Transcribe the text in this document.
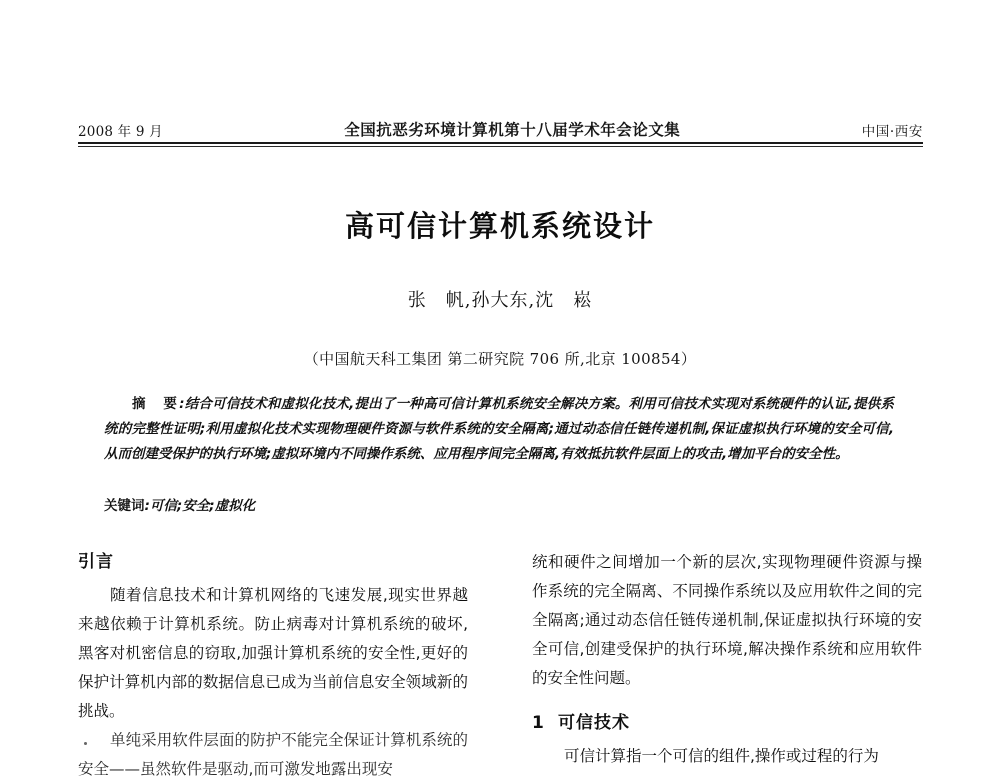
2008 年 9 月	全国抗恶劣环境计算机第十八届学术年会论文集	中国·西安
高可信计算机系统设计
张　帆,孙大东,沈　崧
（中国航天科工集团 第二研究院 706 所,北京 100854）

摘　要:结合可信技术和虚拟化技术,提出了一种高可信计算机系统安全解决方案。利用可信技术实现对系统硬件的认证,提供系统的完整性证明;利用虚拟化技术实现物理硬件资源与软件系统的安全隔离;通过动态信任链传递机制,保证虚拟执行环境的安全可信,从而创建受保护的执行环境;虚拟环境内不同操作系统、应用程序间完全隔离,有效抵抗软件层面上的攻击,增加平台的安全性。

关键词:可信;安全;虚拟化
引言

随着信息技术和计算机网络的飞速发展,现实世界越来越依赖于计算机系统。防止病毒对计算机系统的破坏,黑客对机密信息的窃取,加强计算机系统的安全性,更好的保护计算机内部的数据信息已成为当前信息安全领域新的挑战。

单纯采用软件层面的防护不能完全保证计算机系统的安全——虽然软件是驱动,而可激发地露出现安

统和硬件之间增加一个新的层次,实现物理硬件资源与操作系统的完全隔离、不同操作系统以及应用软件之间的完全隔离;通过动态信任链传递机制,保证虚拟执行环境的安全可信,创建受保护的执行环境,解决操作系统和应用软件的安全性问题。

1 可信技术

可信计算指一个可信的组件,操作或过程的行为
